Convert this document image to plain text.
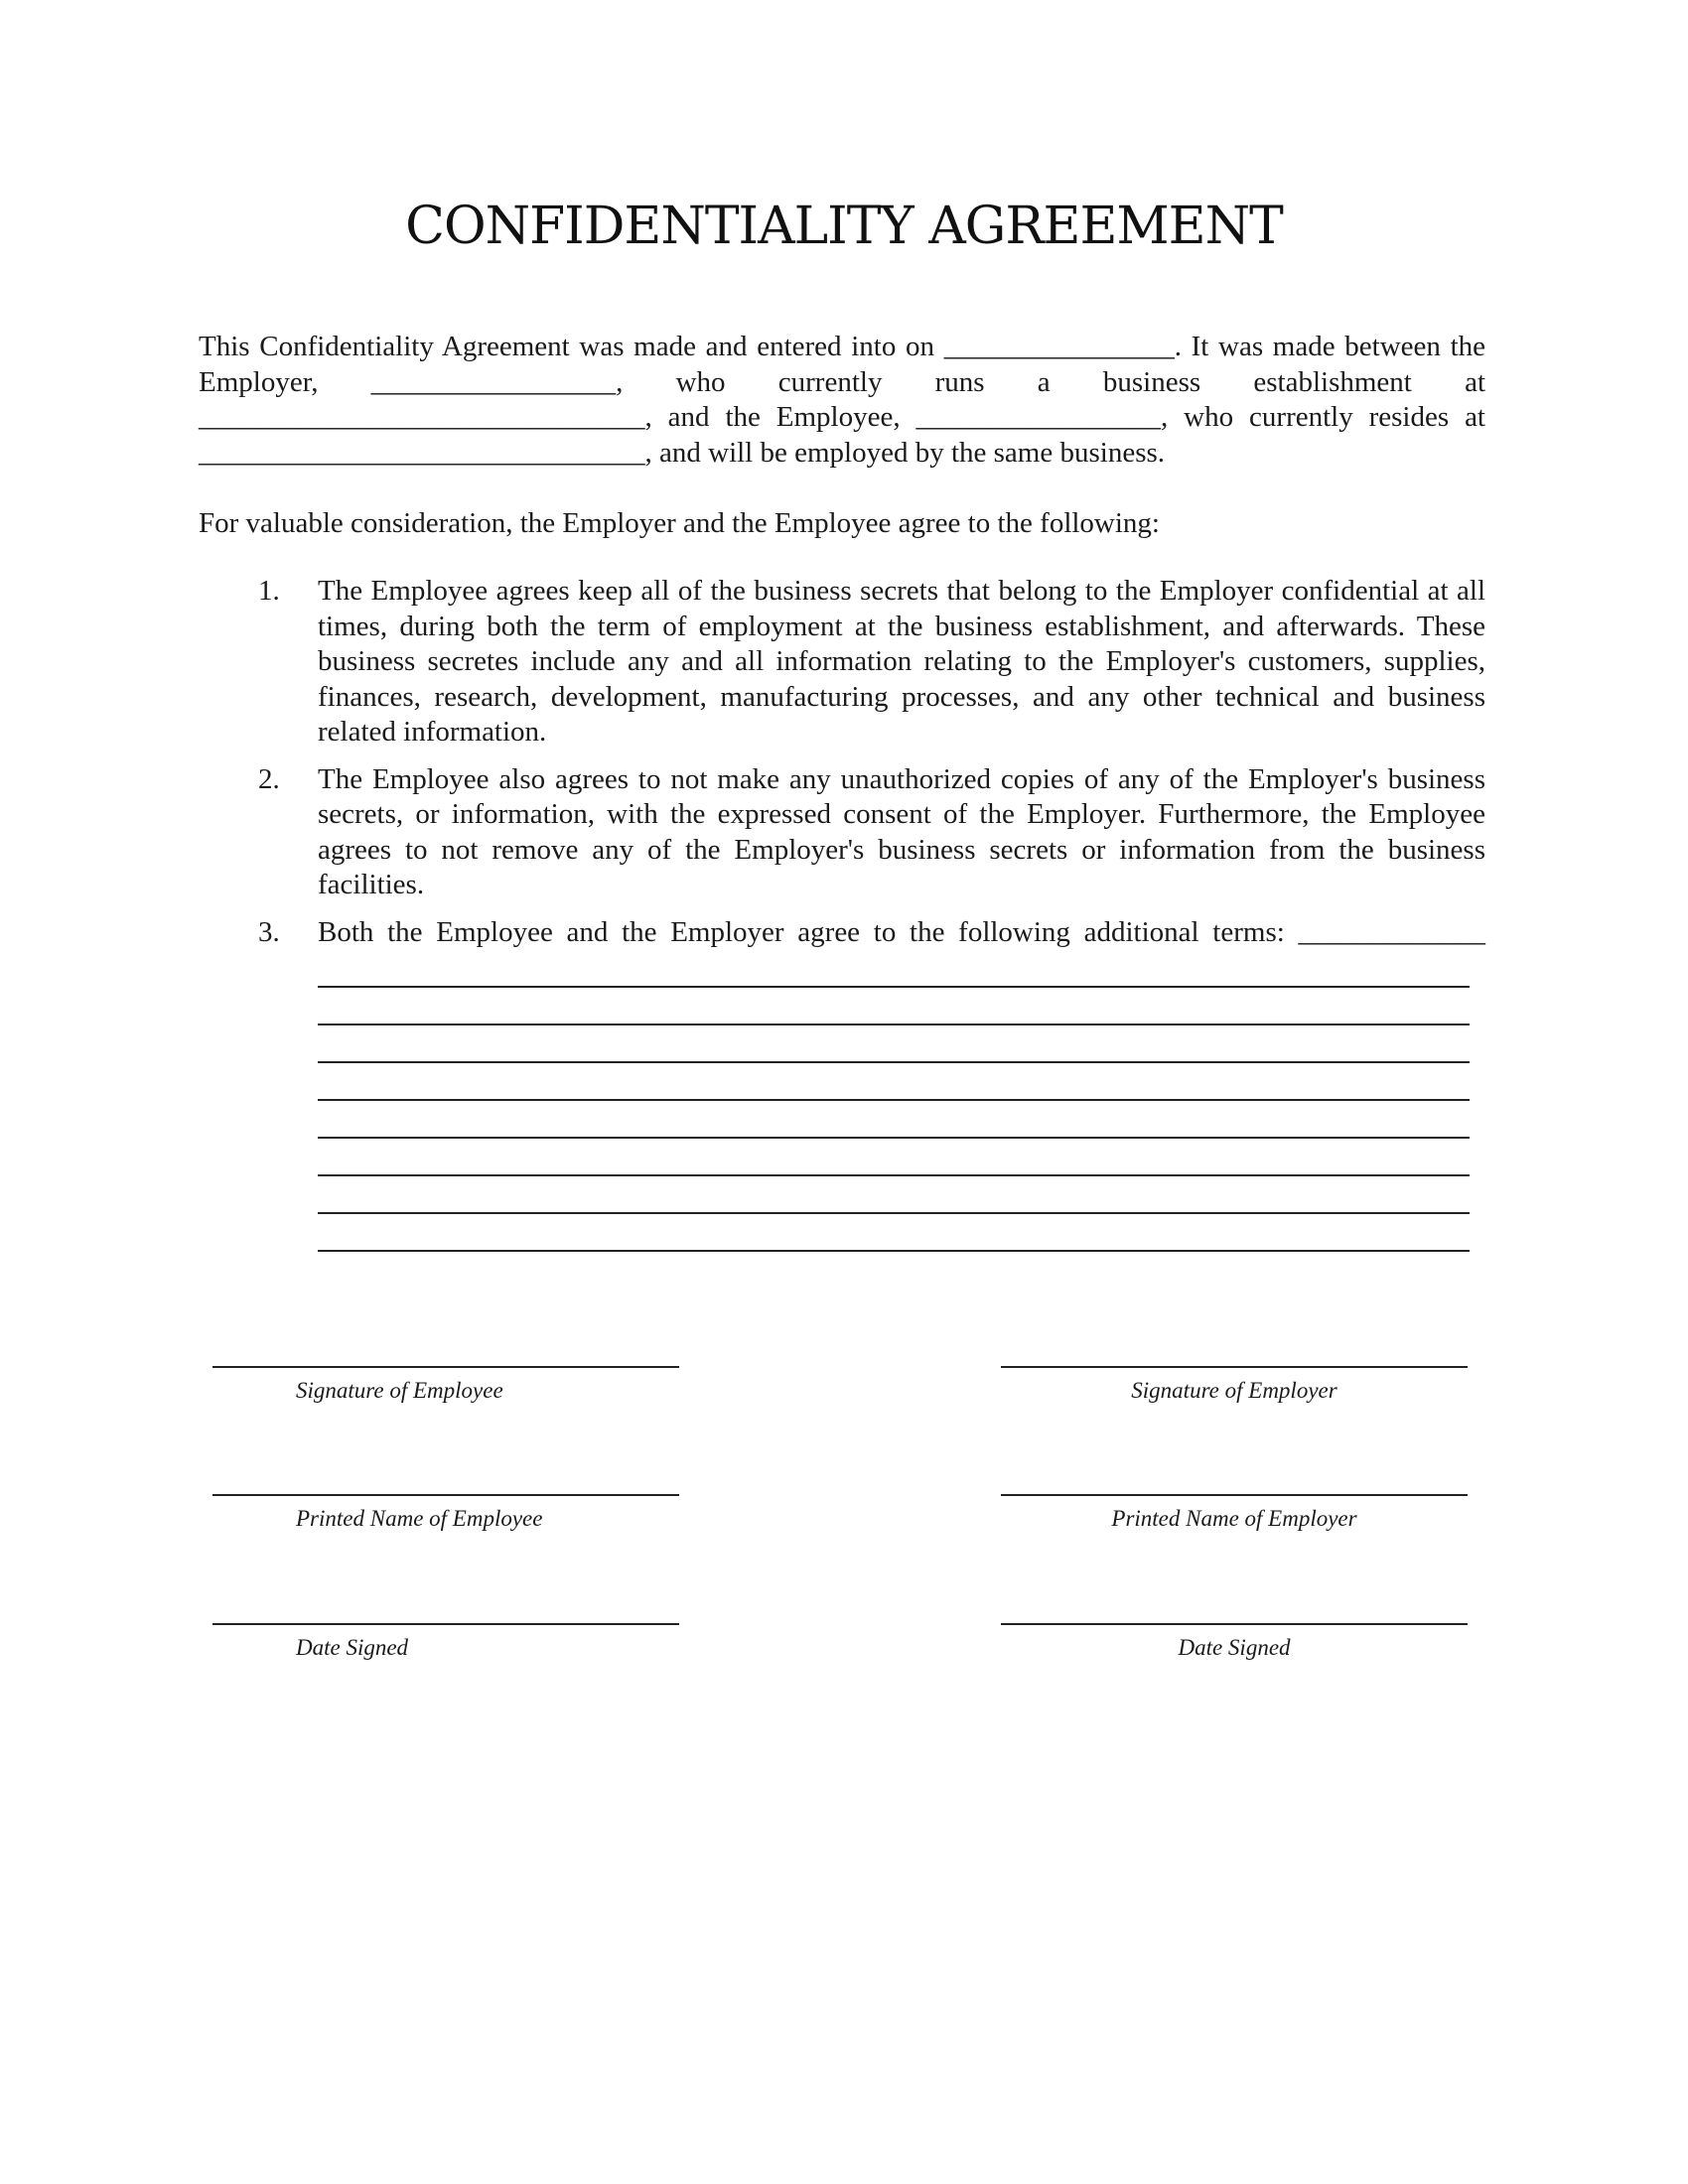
CONFIDENTIALITY AGREEMENT

This Confidentiality Agreement was made and entered into on ________________. It was made between the Employer, _________________, who currently runs a business establishment at _______________________________, and the Employee, _________________, who currently resides at _______________________________, and will be employed by the same business.

For valuable consideration, the Employer and the Employee agree to the following:

1. The Employee agrees keep all of the business secrets that belong to the Employer confidential at all times, during both the term of employment at the business establishment, and afterwards. These business secretes include any and all information relating to the Employer's customers, supplies, finances, research, development, manufacturing processes, and any other technical and business related information.
2. The Employee also agrees to not make any unauthorized copies of any of the Employer's business secrets, or information, with the expressed consent of the Employer. Furthermore, the Employee agrees to not remove any of the Employer's business secrets or information from the business facilities.
3. Both the Employee and the Employer agree to the following additional terms: _____________
Signature of Employee
Printed Name of Employee
Date Signed
Signature of Employer
Printed Name of Employer
Date Signed
